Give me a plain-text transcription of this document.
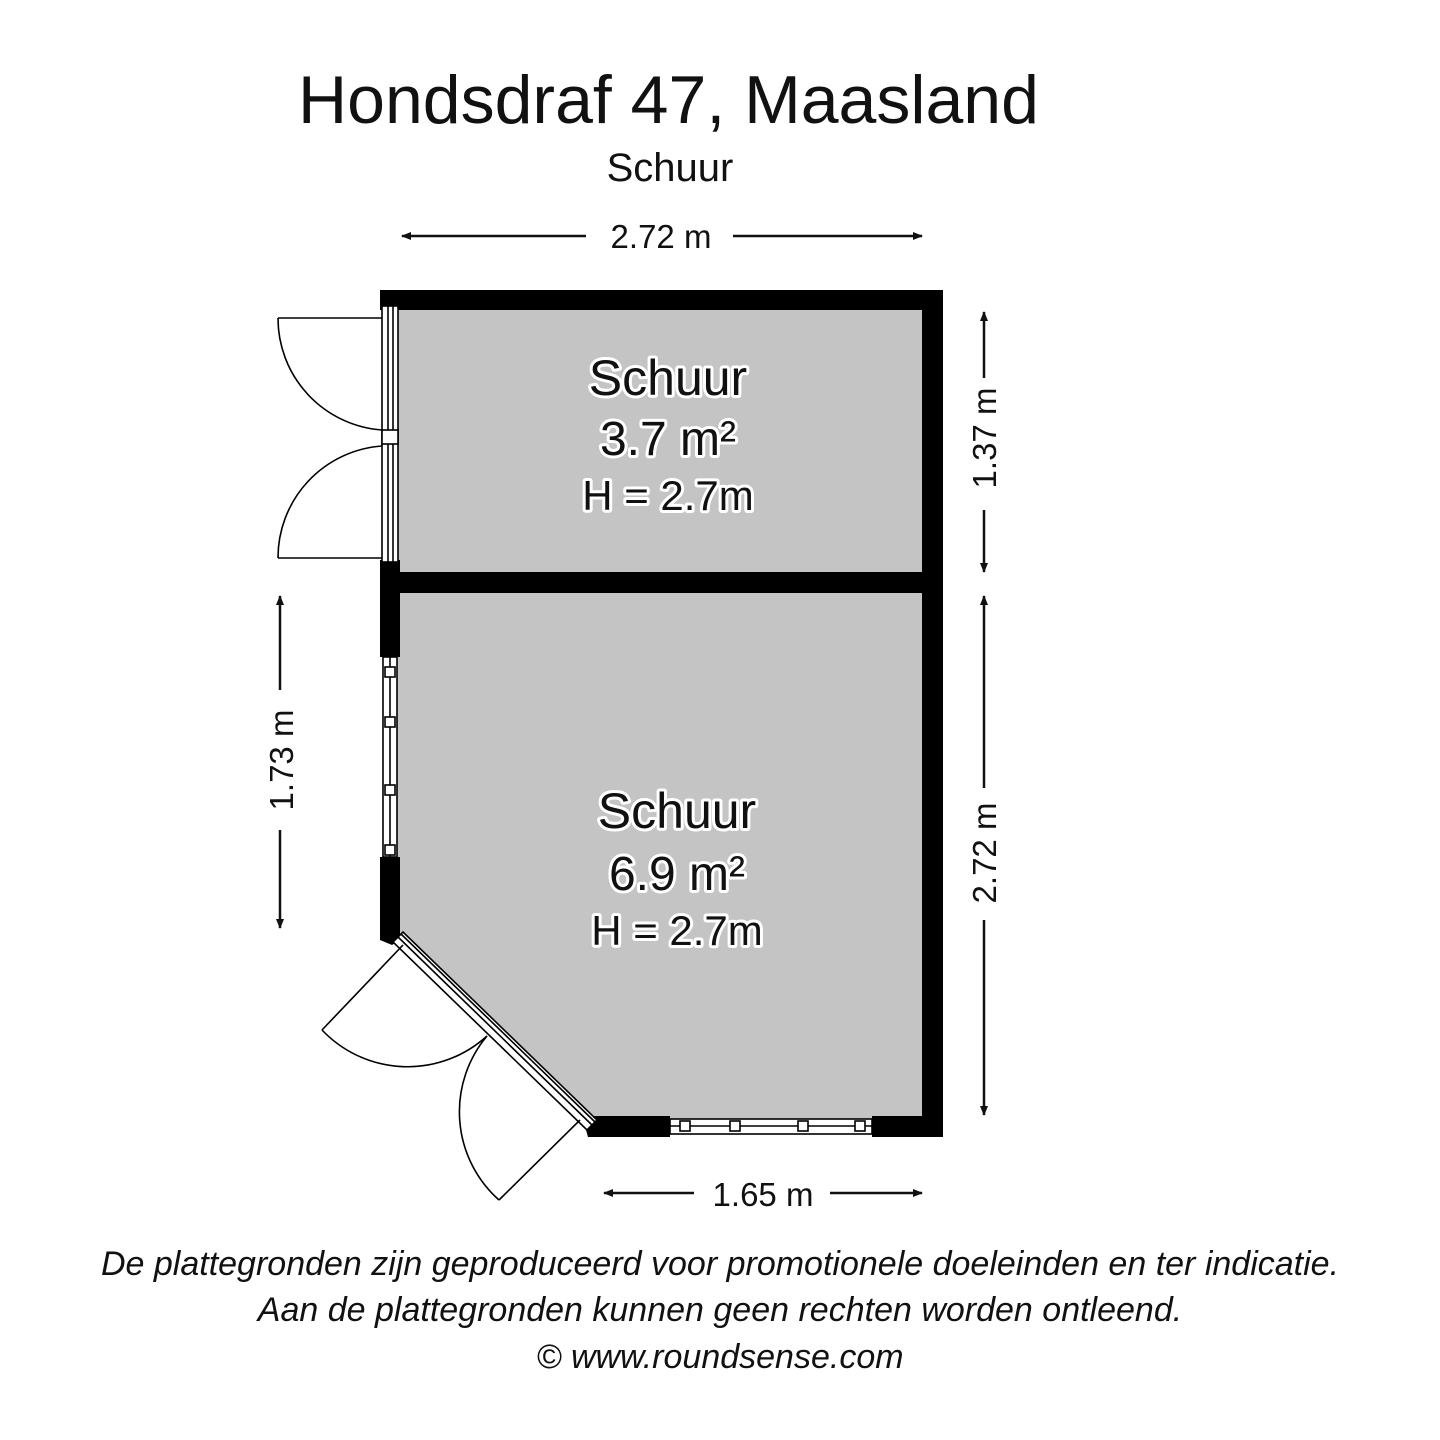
Hondsdraf 47, Maasland
Schuur
Schuur
3.7 m²
H = 2.7m
Schuur
6.9 m²
H = 2.7m
2.72 m
1.37 m
2.72 m
1.73 m
1.65 m
De plattegronden zijn geproduceerd voor promotionele doeleinden en ter indicatie.
Aan de plattegronden kunnen geen rechten worden ontleend.
© www.roundsense.com
